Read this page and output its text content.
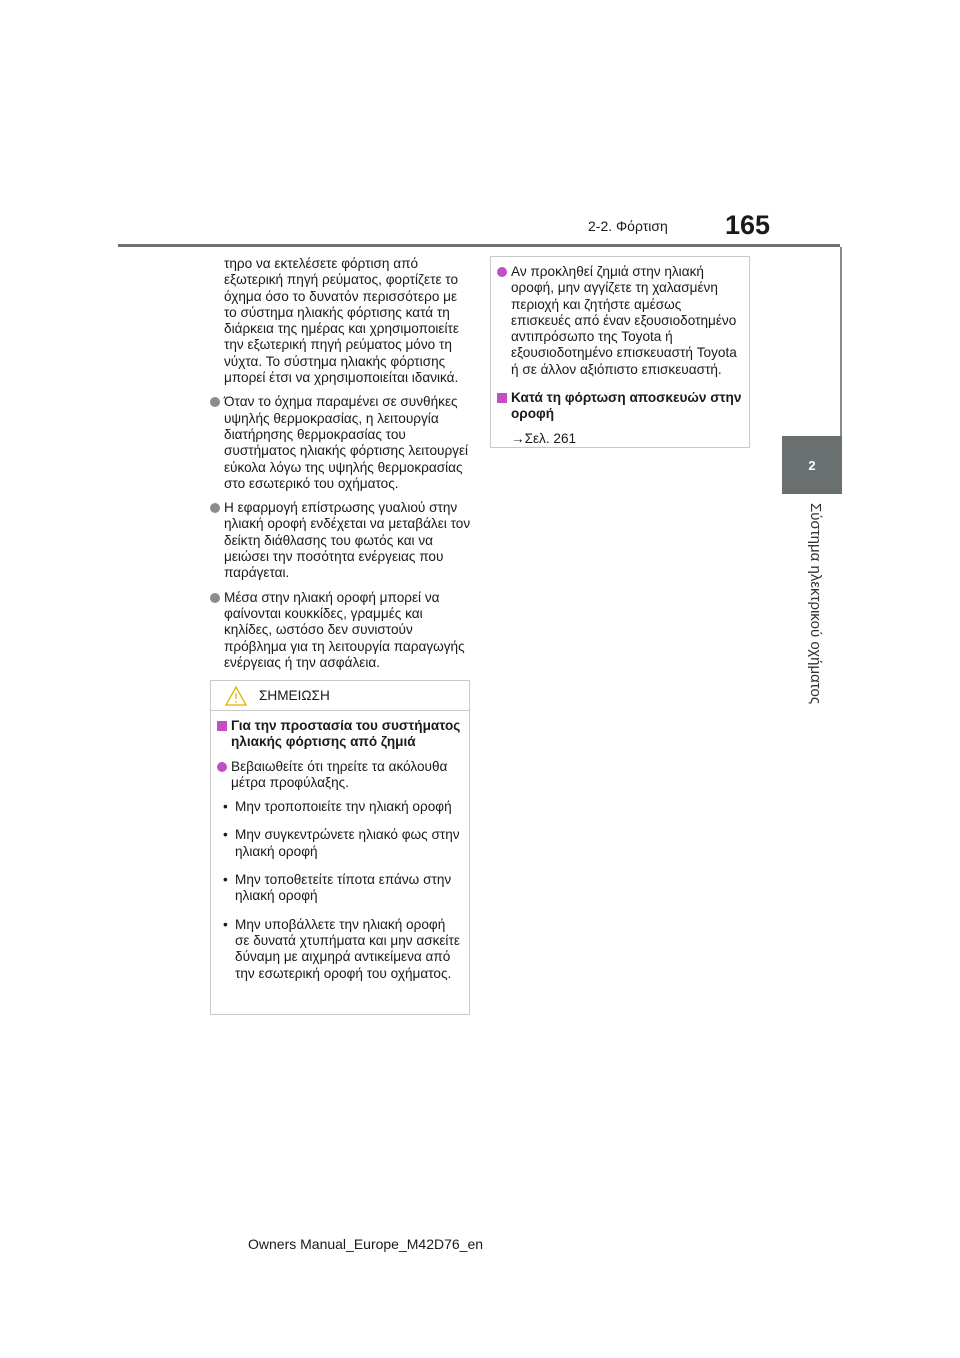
165
2-2. Φόρτιση
2
Σύστημα ηλεκτρικού οχήματος

τηρο να εκτελέσετε φόρτιση από εξωτερική πηγή ρεύματος, φορτίζετε το όχημα όσο το δυνατόν περισσότερο με το σύστημα ηλιακής φόρτισης κατά τη διάρκεια της ημέρας και χρησιμοποιείτε την εξωτερική πηγή ρεύματος μόνο τη νύχτα. Το σύστημα ηλιακής φόρτισης μπορεί έτσι να χρησιμοποιείται ιδανικά.

Όταν το όχημα παραμένει σε συνθήκες υψηλής θερμοκρασίας, η λειτουργία διατήρησης θερμοκρασίας του συστήματος ηλιακής φόρτισης λειτουργεί εύκολα λόγω της υψηλής θερμοκρασίας στο εσωτερικό του οχήματος.
Η εφαρμογή επίστρωσης γυαλιού στην ηλιακή οροφή ενδέχεται να μεταβάλει τον δείκτη διάθλασης του φωτός και να μειώσει την ποσότητα ενέργειας που παράγεται.
Μέσα στην ηλιακή οροφή μπορεί να φαίνονται κουκκίδες, γραμμές και κηλίδες, ωστόσο δεν συνιστούν πρόβλημα για τη λειτουργία παραγωγής ενέργειας ή την ασφάλεια.
ΣΗΜΕΙΩΣΗ
Για την προστασία του συστήματος ηλιακής φόρτισης από ζημιά
Βεβαιωθείτε ότι τηρείτε τα ακόλουθα μέτρα προφύλαξης.
• Μην τροποποιείτε την ηλιακή οροφή
• Μην συγκεντρώνετε ηλιακό φως στην ηλιακή οροφή
• Μην τοποθετείτε τίποτα επάνω στην ηλιακή οροφή
• Μην υποβάλλετε την ηλιακή οροφή σε δυνατά χτυπήματα και μην ασκείτε δύναμη με αιχμηρά αντικείμενα από την εσωτερική οροφή του οχήματος.
Αν προκληθεί ζημιά στην ηλιακή οροφή, μην αγγίζετε τη χαλασμένη περιοχή και ζητήστε αμέσως επισκευές από έναν εξουσιοδοτημένο αντιπρόσωπο της Toyota ή εξουσιοδοτημένο επισκευαστή Toyota ή σε άλλον αξιόπιστο επισκευαστή.
Κατά τη φόρτωση αποσκευών στην οροφή

→Σελ. 261

Owners Manual_Europe_M42D76_en
